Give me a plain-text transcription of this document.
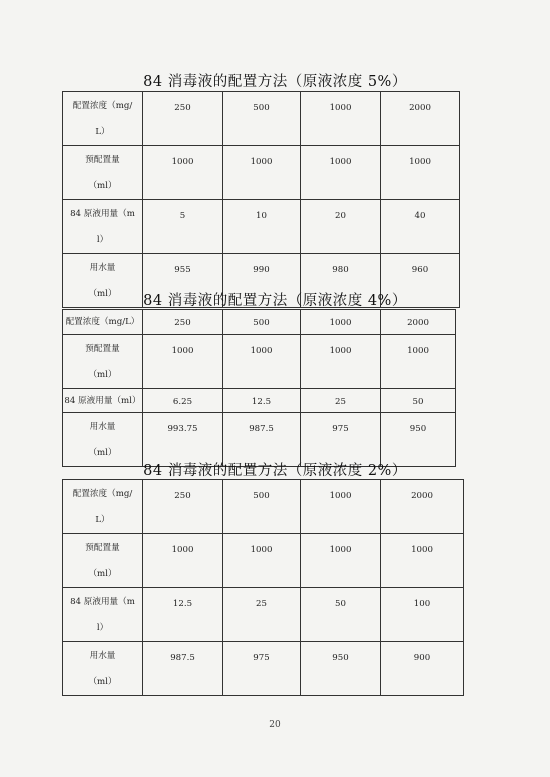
84 消毒液的配置方法（原液浓度 5%）
配置浓度（mg/
L）	250	500	1000	2000

预配置量
（ml）	1000	1000	1000	1000

84 原液用量（m
l）	5	10	20	40

用水量
（ml）	955	990	980	960
84 消毒液的配置方法（原液浓度 4%）
配置浓度（mg/L）	250	500	1000	2000

预配置量
（ml）	1000	1000	1000	1000

84 原液用量（ml）	6.25	12.5	25	50

用水量
（ml）	993.75	987.5	975	950
84 消毒液的配置方法（原液浓度 2%）
配置浓度（mg/
L）	250	500	1000	2000

预配置量
（ml）	1000	1000	1000	1000

84 原液用量（m
l）	12.5	25	50	100

用水量
（ml）	987.5	975	950	900
20
